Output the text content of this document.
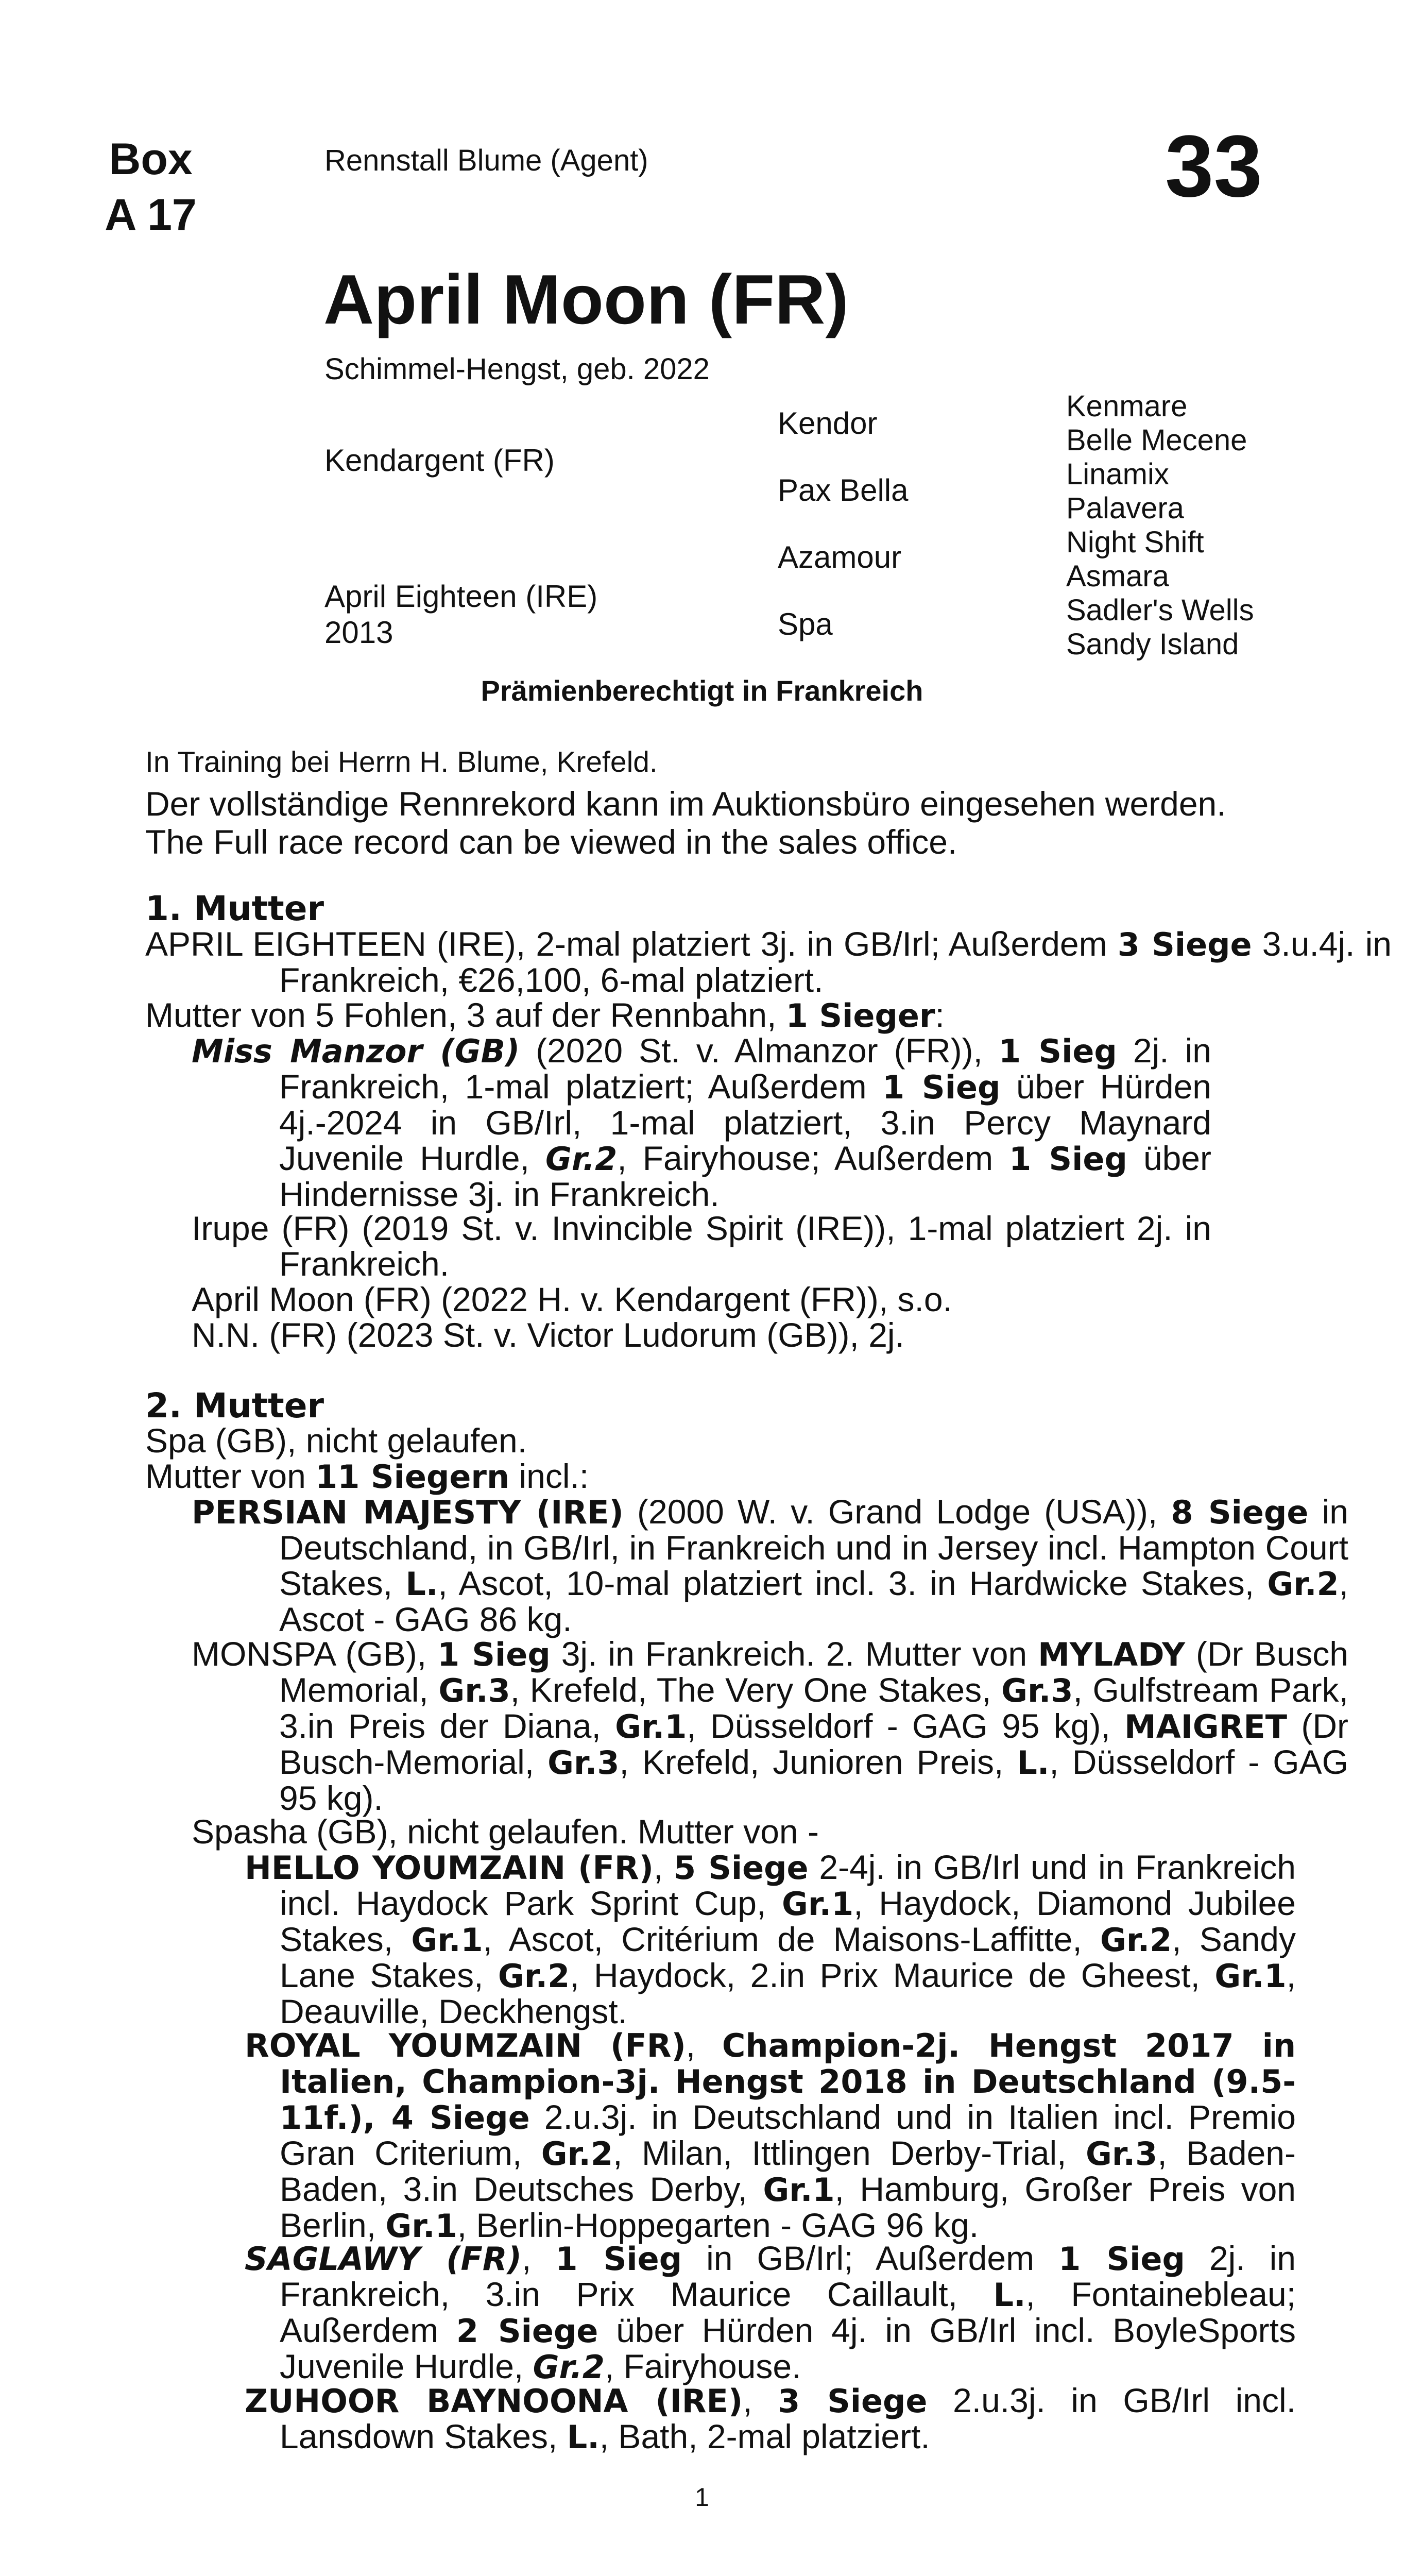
Box
A 17
Rennstall Blume (Agent)	33
April Moon (FR)
Schimmel-Hengst, geb. 2022
Kendargent (FR)
April Eighteen (IRE)
2013
Kendor
Pax Bella
Azamour
Spa
Kenmare
Belle Mecene
Linamix
Palavera
Night Shift
Asmara
Sadler's Wells
Sandy Island
Prämienberechtigt in Frankreich
In Training bei Herrn H. Blume, Krefeld.
Der vollständige Rennrekord kann im Auktionsbüro eingesehen werden.
The Full race record can be viewed in the sales office.
1. Mutter
APRIL EIGHTEEN (IRE), 2-mal platziert 3j. in GB/Irl; Außerdem 3 Siege 3.u.4j. in Frankreich, €26,100, 6-mal platziert.
Mutter von 5 Fohlen, 3 auf der Rennbahn, 1 Sieger:
Miss Manzor (GB) (2020 St. v. Almanzor (FR)), 1 Sieg 2j. in Frankreich, 1-mal platziert; Außerdem 1 Sieg über Hürden 4j.-2024 in GB/Irl, 1-mal platziert, 3.in Percy Maynard Juvenile Hurdle, Gr.2, Fairyhouse; Außerdem 1 Sieg über Hindernisse 3j. in Frankreich.
Irupe (FR) (2019 St. v. Invincible Spirit (IRE)), 1-mal platziert 2j. in Frankreich.
April Moon (FR) (2022 H. v. Kendargent (FR)), s.o.
N.N. (FR) (2023 St. v. Victor Ludorum (GB)), 2j.
2. Mutter
Spa (GB), nicht gelaufen.
Mutter von 11 Siegern incl.:
PERSIAN MAJESTY (IRE) (2000 W. v. Grand Lodge (USA)), 8 Siege in Deutschland, in GB/Irl, in Frankreich und in Jersey incl. Hampton Court Stakes, L., Ascot, 10-mal platziert incl. 3. in Hardwicke Stakes, Gr.2, Ascot - GAG 86 kg.
MONSPA (GB), 1 Sieg 3j. in Frankreich. 2. Mutter von MYLADY (Dr Busch Memorial, Gr.3, Krefeld, The Very One Stakes, Gr.3, Gulfstream Park, 3.in Preis der Diana, Gr.1, Düsseldorf - GAG 95 kg), MAIGRET (Dr Busch-Memorial, Gr.3, Krefeld, Junioren Preis, L., Düsseldorf - GAG 95 kg).
Spasha (GB), nicht gelaufen. Mutter von -
HELLO YOUMZAIN (FR), 5 Siege 2-4j. in GB/Irl und in Frankreich incl. Haydock Park Sprint Cup, Gr.1, Haydock, Diamond Jubilee Stakes, Gr.1, Ascot, Critérium de Maisons-Laffitte, Gr.2, Sandy Lane Stakes, Gr.2, Haydock, 2.in Prix Maurice de Gheest, Gr.1, Deauville, Deckhengst.
ROYAL YOUMZAIN (FR), Champion-2j. Hengst 2017 in Italien, Champion-3j. Hengst 2018 in Deutschland (9.5-11f.), 4 Siege 2.u.3j. in Deutschland und in Italien incl. Premio Gran Criterium, Gr.2, Milan, Ittlingen Derby-Trial, Gr.3, Baden-Baden, 3.in Deutsches Derby, Gr.1, Hamburg, Großer Preis von Berlin, Gr.1, Berlin-Hoppegarten - GAG 96 kg.
SAGLAWY (FR), 1 Sieg in GB/Irl; Außerdem 1 Sieg 2j. in Frankreich, 3.in Prix Maurice Caillault, L., Fontainebleau; Außerdem 2 Siege über Hürden 4j. in GB/Irl incl. BoyleSports Juvenile Hurdle, Gr.2, Fairyhouse.
ZUHOOR BAYNOONA (IRE), 3 Siege 2.u.3j. in GB/Irl incl. Lansdown Stakes, L., Bath, 2-mal platziert.
1
